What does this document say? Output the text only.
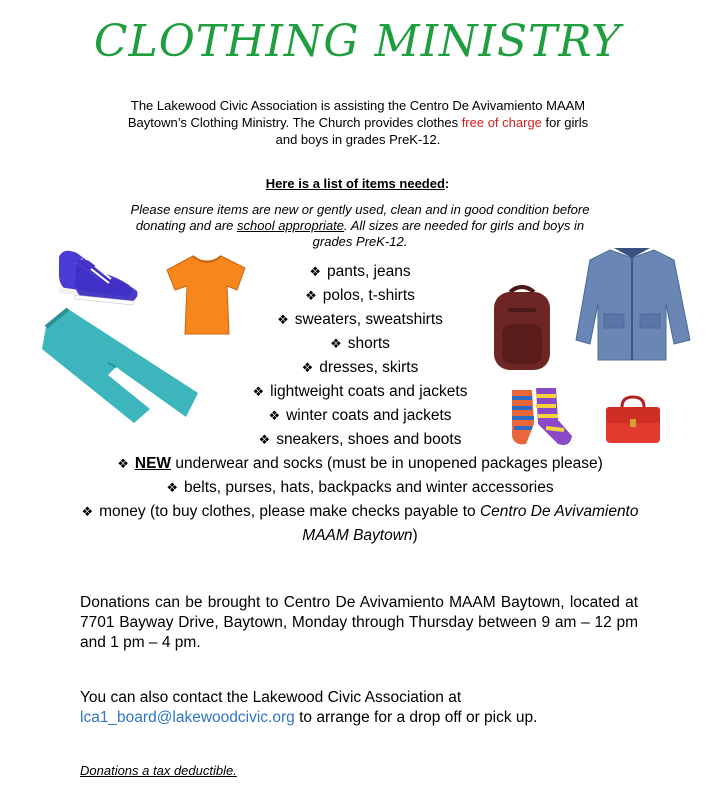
CLOTHING MINISTRY
The Lakewood Civic Association is assisting the Centro De Avivamiento MAAM Baytown’s Clothing Ministry. The Church provides clothes free of charge for girls and boys in grades PreK-12.
Here is a list of items needed:
Please ensure items are new or gently used, clean and in good condition before donating and are school appropriate. All sizes are needed for girls and boys in grades PreK-12.
❖ pants, jeans
❖ polos, t-shirts
❖ sweaters, sweatshirts
❖ shorts
❖ dresses, skirts
❖ lightweight coats and jackets
❖ winter coats and jackets
❖ sneakers, shoes and boots
❖ NEW underwear and socks (must be in unopened packages please)
❖ belts, purses, hats, backpacks and winter accessories
❖ money (to buy clothes, please make checks payable to Centro De Avivamiento MAAM Baytown)
Donations can be brought to Centro De Avivamiento MAAM Baytown, located at 7701 Bayway Drive, Baytown, Monday through Thursday between 9 am – 12 pm and 1 pm – 4 pm.
You can also contact the Lakewood Civic Association at lca1_board@lakewoodcivic.org to arrange for a drop off or pick up.
Donations a tax deductible.
